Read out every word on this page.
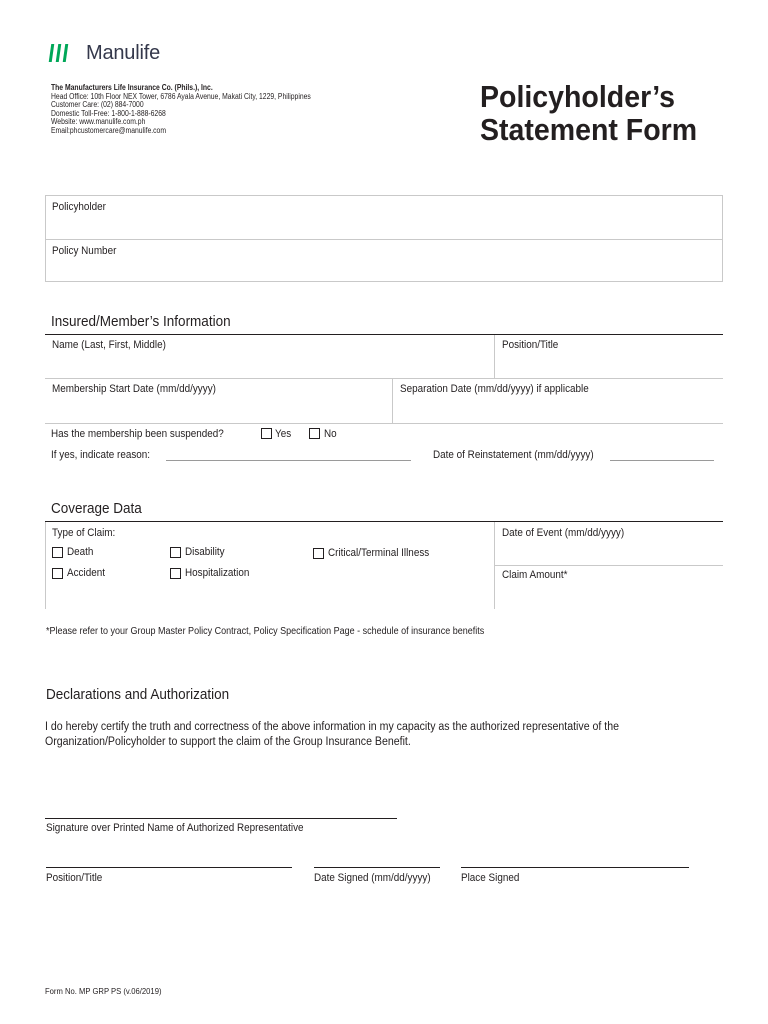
Manulife
The Manufacturers Life Insurance Co. (Phils.), Inc.
Head Office: 10th Floor NEX Tower, 6786 Ayala Avenue, Makati City, 1229, Philippines
Customer Care: (02) 884-7000
Domestic Toll-Free: 1-800-1-888-6268
Website: www.manulife.com.ph
Email:phcustomercare@manulife.com
Policyholder’s
Statement Form
Policyholder
Policy Number
Insured/Member’s Information
Name (Last, First, Middle)	Position/Title
Membership Start Date (mm/dd/yyyy)	Separation Date (mm/dd/yyyy) if applicable
Has the membership been suspended?	Yes	No
If yes, indicate reason:	Date of Reinstatement (mm/dd/yyyy)
Coverage Data
Type of Claim:
Death	Disability	Critical/Terminal Illness
Accident	Hospitalization
Date of Event (mm/dd/yyyy)
Claim Amount*
*Please refer to your Group Master Policy Contract, Policy Specification Page - schedule of insurance benefits
Declarations and Authorization
I do hereby certify the truth and correctness of the above information in my capacity as the authorized representative of the Organization/Policyholder to support the claim of the Group Insurance Benefit.
Signature over Printed Name of Authorized Representative
Position/Title	Date Signed (mm/dd/yyyy)	Place Signed
Form No. MP GRP PS (v.06/2019)
